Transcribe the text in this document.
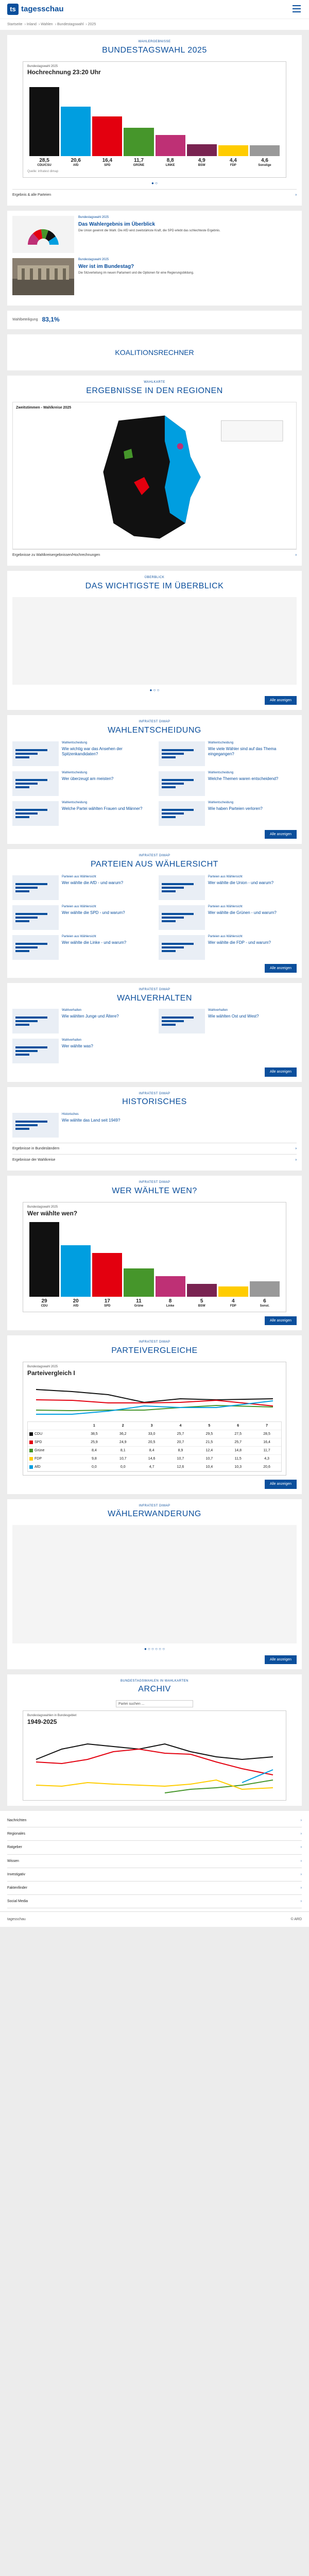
ts tagesschau
Startseite › Inland › Wahlen › Bundestagswahl › 2025
WAHLERGEBNISSE
BUNDESTAGSWAHL 2025
Bundestagswahl 2025
Hochrechnung 23:20 Uhr
28,5
CDU/CSU
20,6
AfD
16,4
SPD
11,7
GRÜNE
8,8
LINKE
4,9
BSW
4,4
FDP
4,6
Sonstige
Quelle: infratest dimap
● ○
Ergebnis & alle Parteien	›
Bundestagswahl 2025
Das Wahlergebnis im Überblick
Die Union gewinnt die Wahl. Die AfD wird zweitstärkste Kraft, die SPD erlebt das schlechteste Ergebnis.
Bundestagswahl 2025
Wer ist im Bundestag?
Die Sitzverteilung im neuen Parlament und die Optionen für eine Regierungsbildung.
Wahlbeteiligung 83,1%
KOALITIONSRECHNER
WAHLKARTE
ERGEBNISSE IN DEN REGIONEN
Zweitstimmen - Wahlkreise 2025
Ergebnisse zu Wahlkreisergebnissen/Hochrechnungen	›
ÜBERBLICK
DAS WICHTIGSTE IM ÜBERBLICK
● ○ ○
Alle anzeigen
INFRATEST DIMAP
WAHLENTSCHEIDUNG
Wahlentscheidung
Wie wichtig war das Ansehen der Spitzenkandidaten?
Wahlentscheidung
Wie viele Wähler sind auf das Thema eingegangen?
Wahlentscheidung
Wer überzeugt am meisten?
Wahlentscheidung
Welche Themen waren entscheidend?
Wahlentscheidung
Welche Partei wählten Frauen und Männer?
Wahlentscheidung
Wie haben Parteien verloren?
Alle anzeigen
INFRATEST DIMAP
PARTEIEN AUS WÄHLERSICHT
Parteien aus Wählersicht
Wer wählte die AfD - und warum?
Parteien aus Wählersicht
Wer wählte die Union - und warum?
Parteien aus Wählersicht
Wer wählte die SPD - und warum?
Parteien aus Wählersicht
Wer wählte die Grünen - und warum?
Parteien aus Wählersicht
Wer wählte die Linke - und warum?
Parteien aus Wählersicht
Wer wählte die FDP - und warum?
Alle anzeigen
INFRATEST DIMAP
WAHLVERHALTEN
Wahlverhalten
Wie wählten Junge und Ältere?
Wahlverhalten
Wie wählten Ost und West?
Wahlverhalten
Wer wählte was?
Alle anzeigen
INFRATEST DIMAP
HISTORISCHES
Historisches
Wie wählte das Land seit 1949?
Ergebnisse in Bundesländern	›
Ergebnisse der Wahlkreise	›
INFRATEST DIMAP
WER WÄHLTE WEN?
Bundestagswahl 2025
Wer wählte wen?
29
CDU
20
AfD
17
SPD
11
Grüne
8
Linke
5
BSW
4
FDP
6
Sonst.
Alle anzeigen
INFRATEST DIMAP
PARTEIVERGLEICHE
Bundestagswahl 2025
Parteivergleich I
	1	2	3	4	5	6	7
CDU	38,5	36,2	33,0	25,7	29,5	27,5	28,5
SPD	25,9	24,9	20,5	20,7	21,5	25,7	16,4
Grüne	8,4	8,1	8,4	8,9	12,4	14,8	11,7
FDP	9,8	10,7	14,6	10,7	10,7	11,5	4,3
AfD	0,0	0,0	4,7	12,6	10,4	10,3	20,6
Alle anzeigen
INFRATEST DIMAP
WÄHLERWANDERUNG
● ○ ○ ○ ○ ○
Alle anzeigen
BUNDESTAGSWAHLEN IN WAHLKARTEN
ARCHIV
Partei suchen ...
Bundestagswahlen in Bundesgebiet
1949-2025
Nachrichten	›
Regionales	›
Ratgeber	›
Wissen	›
Investigativ	›
Faktenfinder	›
Social Media	›
tagesschau	© ARD
